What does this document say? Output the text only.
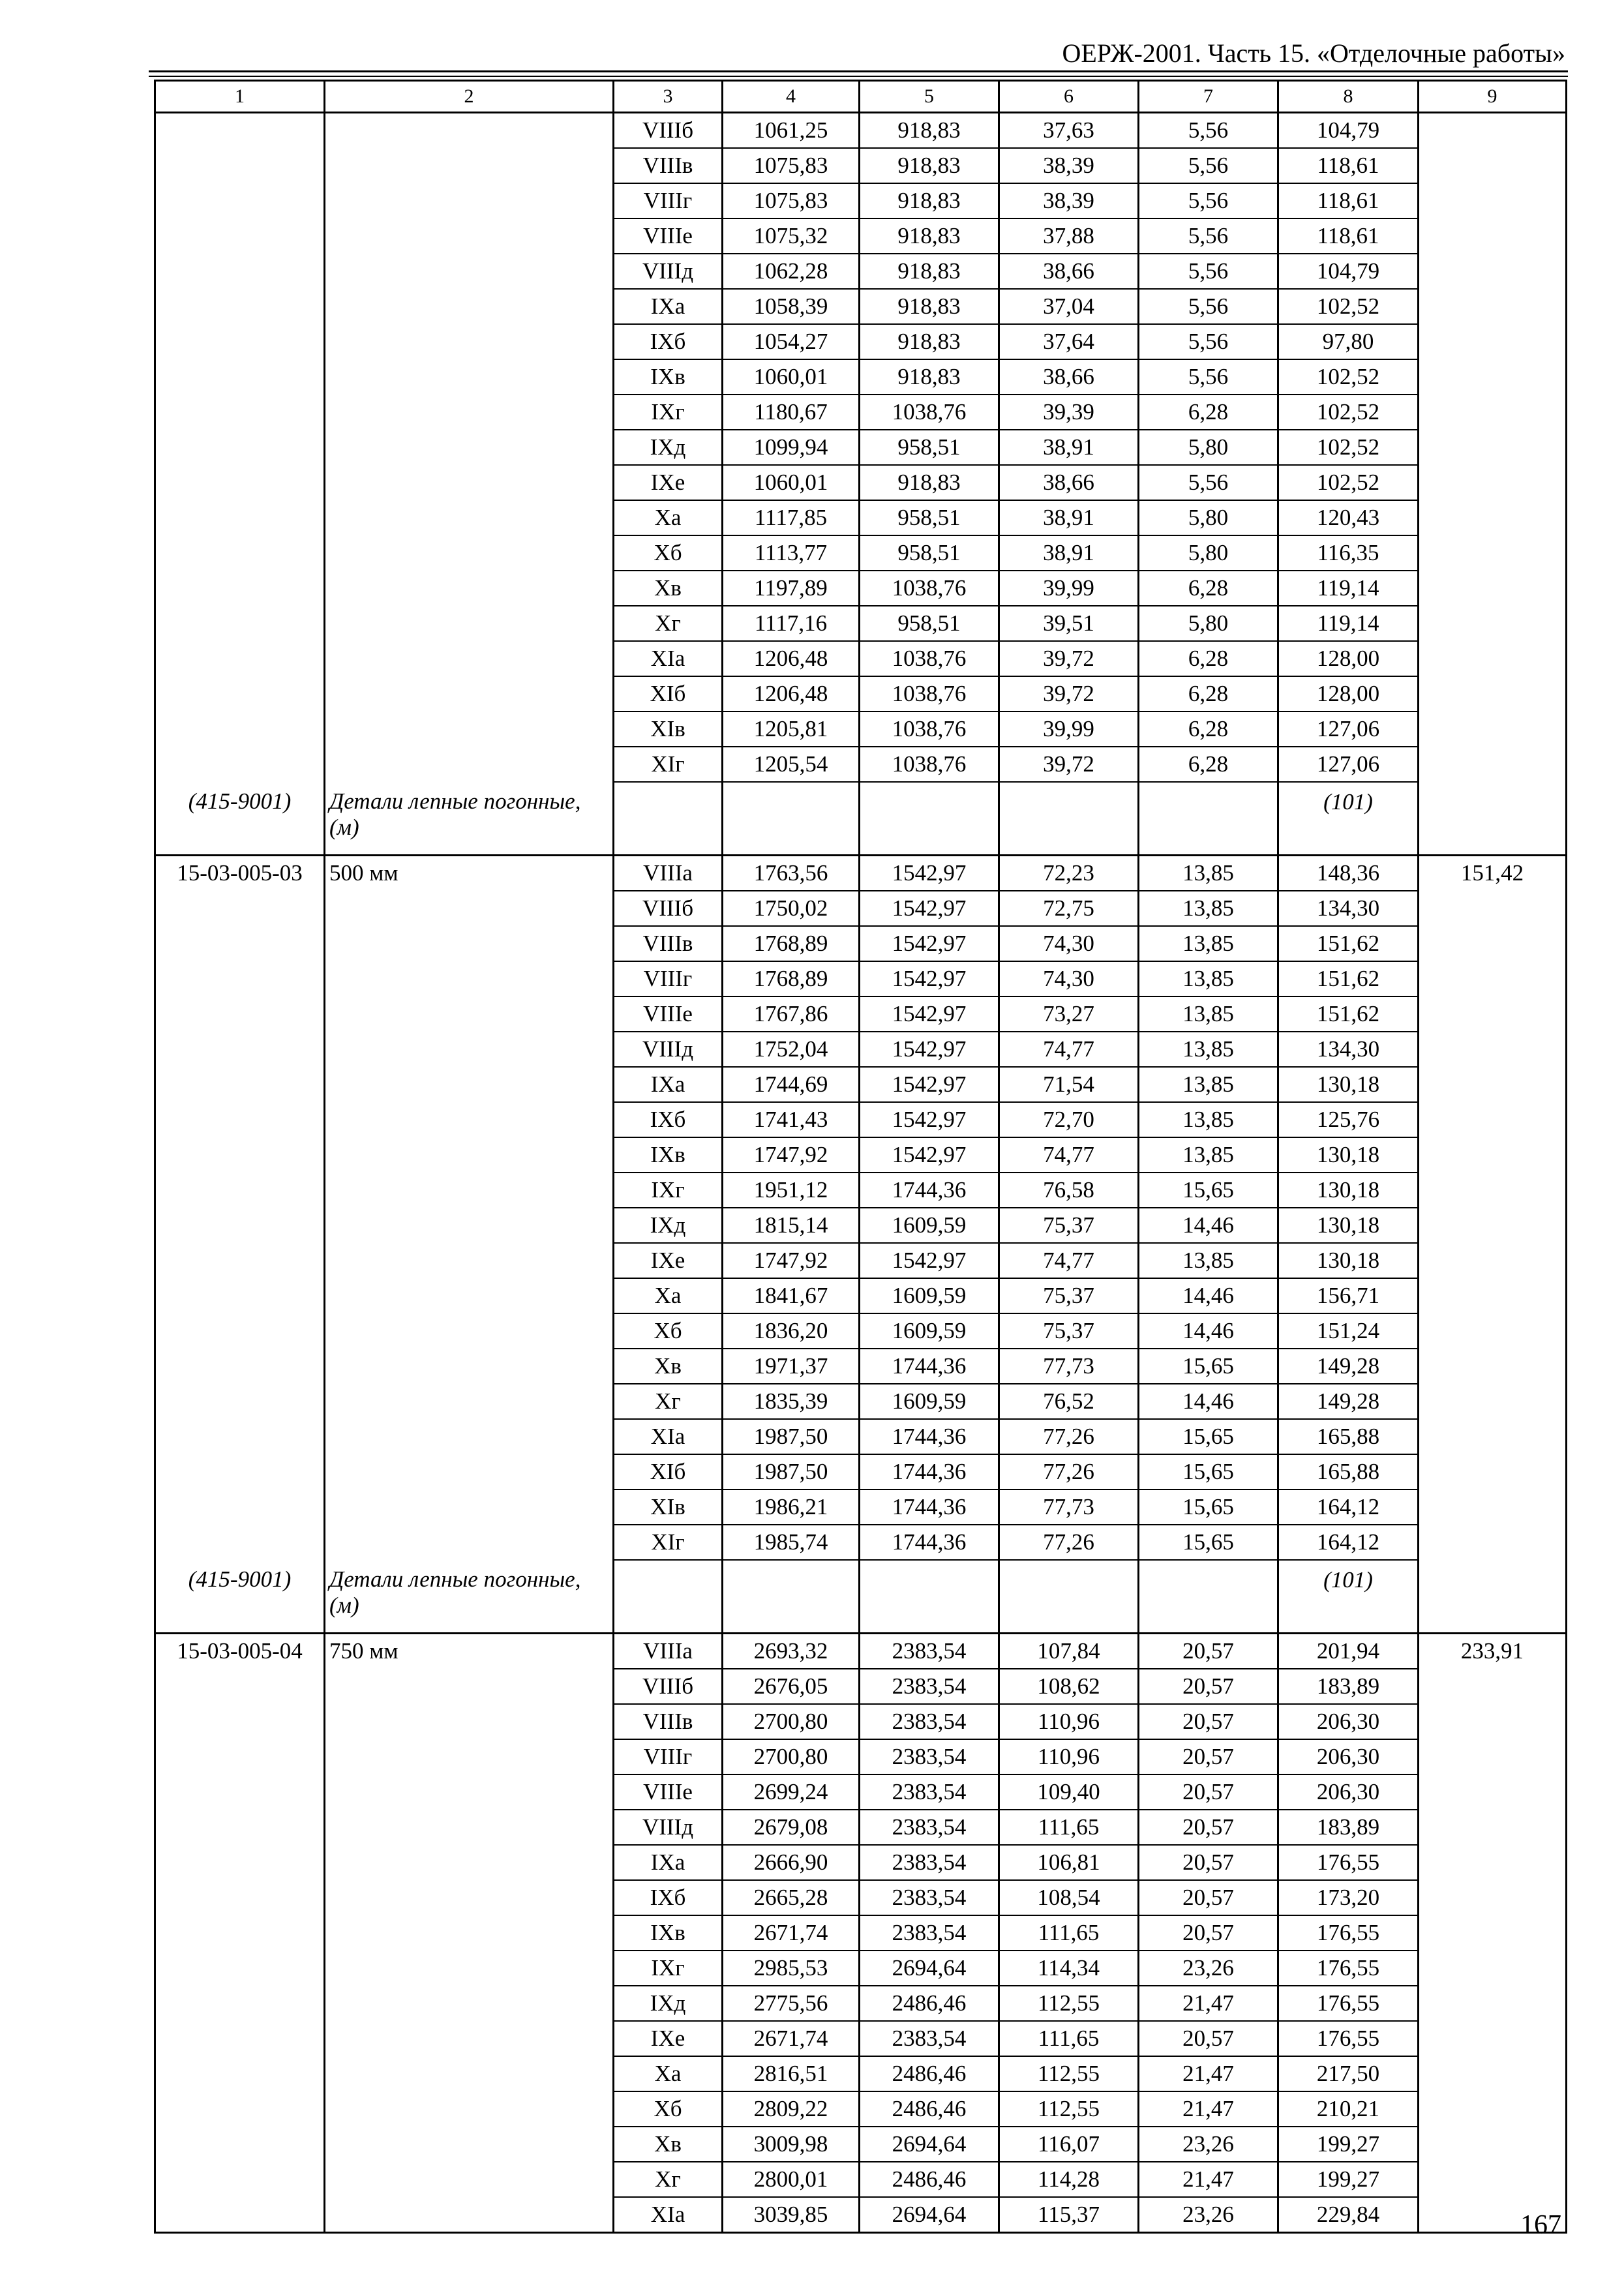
ОЕРЖ-2001. Часть 15. «Отделочные работы»
1	2	3	4	5	6	7	8	9
		VIIIб	1061,25	918,83	37,63	5,56	104,79	
		VIIIв	1075,83	918,83	38,39	5,56	118,61	
		VIIIг	1075,83	918,83	38,39	5,56	118,61	
		VIIIе	1075,32	918,83	37,88	5,56	118,61	
		VIIIд	1062,28	918,83	38,66	5,56	104,79	
		IXа	1058,39	918,83	37,04	5,56	102,52	
		IXб	1054,27	918,83	37,64	5,56	97,80	
		IXв	1060,01	918,83	38,66	5,56	102,52	
		IXг	1180,67	1038,76	39,39	6,28	102,52	
		IXд	1099,94	958,51	38,91	5,80	102,52	
		IXе	1060,01	918,83	38,66	5,56	102,52	
		Xа	1117,85	958,51	38,91	5,80	120,43	
		Xб	1113,77	958,51	38,91	5,80	116,35	
		Xв	1197,89	1038,76	39,99	6,28	119,14	
		Xг	1117,16	958,51	39,51	5,80	119,14	
		XIа	1206,48	1038,76	39,72	6,28	128,00	
		XIб	1206,48	1038,76	39,72	6,28	128,00	
		XIв	1205,81	1038,76	39,99	6,28	127,06	
		XIг	1205,54	1038,76	39,72	6,28	127,06	
(415-9001)	Детали лепные погонные, (м)						(101)	
15-03-005-03	500 мм	VIIIа	1763,56	1542,97	72,23	13,85	148,36	151,42
		VIIIб	1750,02	1542,97	72,75	13,85	134,30	
		VIIIв	1768,89	1542,97	74,30	13,85	151,62	
		VIIIг	1768,89	1542,97	74,30	13,85	151,62	
		VIIIе	1767,86	1542,97	73,27	13,85	151,62	
		VIIIд	1752,04	1542,97	74,77	13,85	134,30	
		IXа	1744,69	1542,97	71,54	13,85	130,18	
		IXб	1741,43	1542,97	72,70	13,85	125,76	
		IXв	1747,92	1542,97	74,77	13,85	130,18	
		IXг	1951,12	1744,36	76,58	15,65	130,18	
		IXд	1815,14	1609,59	75,37	14,46	130,18	
		IXе	1747,92	1542,97	74,77	13,85	130,18	
		Xа	1841,67	1609,59	75,37	14,46	156,71	
		Xб	1836,20	1609,59	75,37	14,46	151,24	
		Xв	1971,37	1744,36	77,73	15,65	149,28	
		Xг	1835,39	1609,59	76,52	14,46	149,28	
		XIа	1987,50	1744,36	77,26	15,65	165,88	
		XIб	1987,50	1744,36	77,26	15,65	165,88	
		XIв	1986,21	1744,36	77,73	15,65	164,12	
		XIг	1985,74	1744,36	77,26	15,65	164,12	
(415-9001)	Детали лепные погонные, (м)						(101)	
15-03-005-04	750 мм	VIIIа	2693,32	2383,54	107,84	20,57	201,94	233,91
		VIIIб	2676,05	2383,54	108,62	20,57	183,89	
		VIIIв	2700,80	2383,54	110,96	20,57	206,30	
		VIIIг	2700,80	2383,54	110,96	20,57	206,30	
		VIIIе	2699,24	2383,54	109,40	20,57	206,30	
		VIIIд	2679,08	2383,54	111,65	20,57	183,89	
		IXа	2666,90	2383,54	106,81	20,57	176,55	
		IXб	2665,28	2383,54	108,54	20,57	173,20	
		IXв	2671,74	2383,54	111,65	20,57	176,55	
		IXг	2985,53	2694,64	114,34	23,26	176,55	
		IXд	2775,56	2486,46	112,55	21,47	176,55	
		IXе	2671,74	2383,54	111,65	20,57	176,55	
		Xа	2816,51	2486,46	112,55	21,47	217,50	
		Xб	2809,22	2486,46	112,55	21,47	210,21	
		Xв	3009,98	2694,64	116,07	23,26	199,27	
		Xг	2800,01	2486,46	114,28	21,47	199,27	
		XIа	3039,85	2694,64	115,37	23,26	229,84		167
